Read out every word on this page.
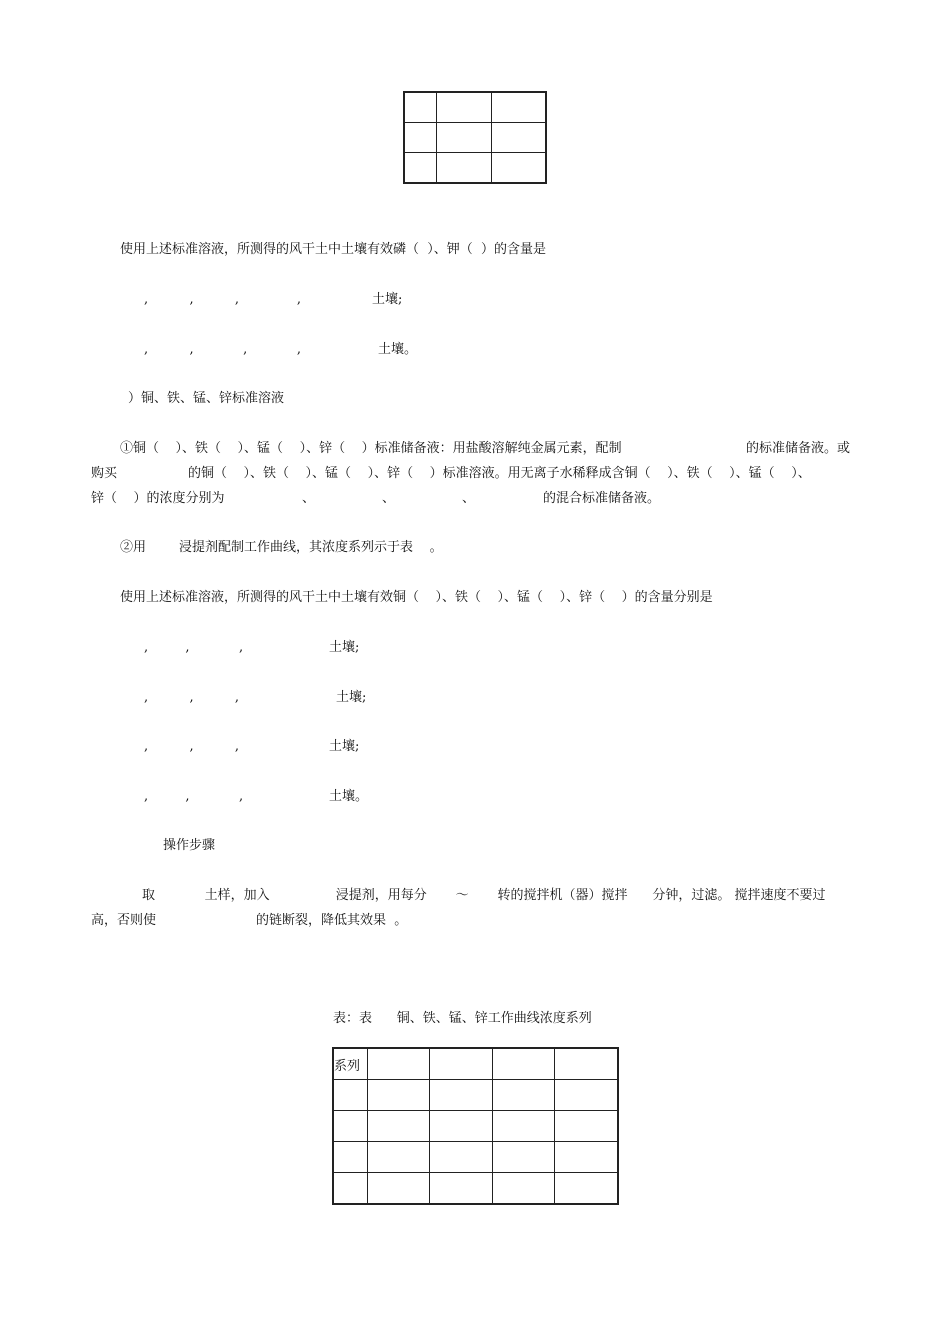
使用上述标准溶液，所测得的风干土中土壤有效磷（  ）、钾（  ）的含量是
,          ,          ,              ,	土壤;
,          ,            ,            ,	土壤。
）铜、铁、锰、锌标准溶液
①铜（    ）、铁（    ）、锰（    ）、锌（    ）标准储备液：用盐酸溶解纯金属元素，配制	的标准储备液。或
购买	的铜（    ）、铁（    ）、锰（    ）、锌（    ）标准溶液。用无离子水稀释成含铜（    ）、铁（    ）、锰（    ）、
锌（    ）的浓度分别为	、	、	、	的混合标准储备液。
②用        浸提剂配制工作曲线，其浓度系列示于表    。
使用上述标准溶液，所测得的风干土中土壤有效铜（    ）、铁（    ）、锰（    ）、锌（    ）的含量分别是
,         ,            ,	土壤;
,          ,          ,	土壤;
,          ,          ,	土壤;
,         ,            ,	土壤。
操作步骤
取            土样，加入                浸提剂，用每分       ～       转的搅拌机（器）搅拌      分钟，过滤。 搅拌速度不要过
高，否则使	的链断裂，降低其效果  。
表：表      铜、铁、锰、锌工作曲线浓度系列
系列				
